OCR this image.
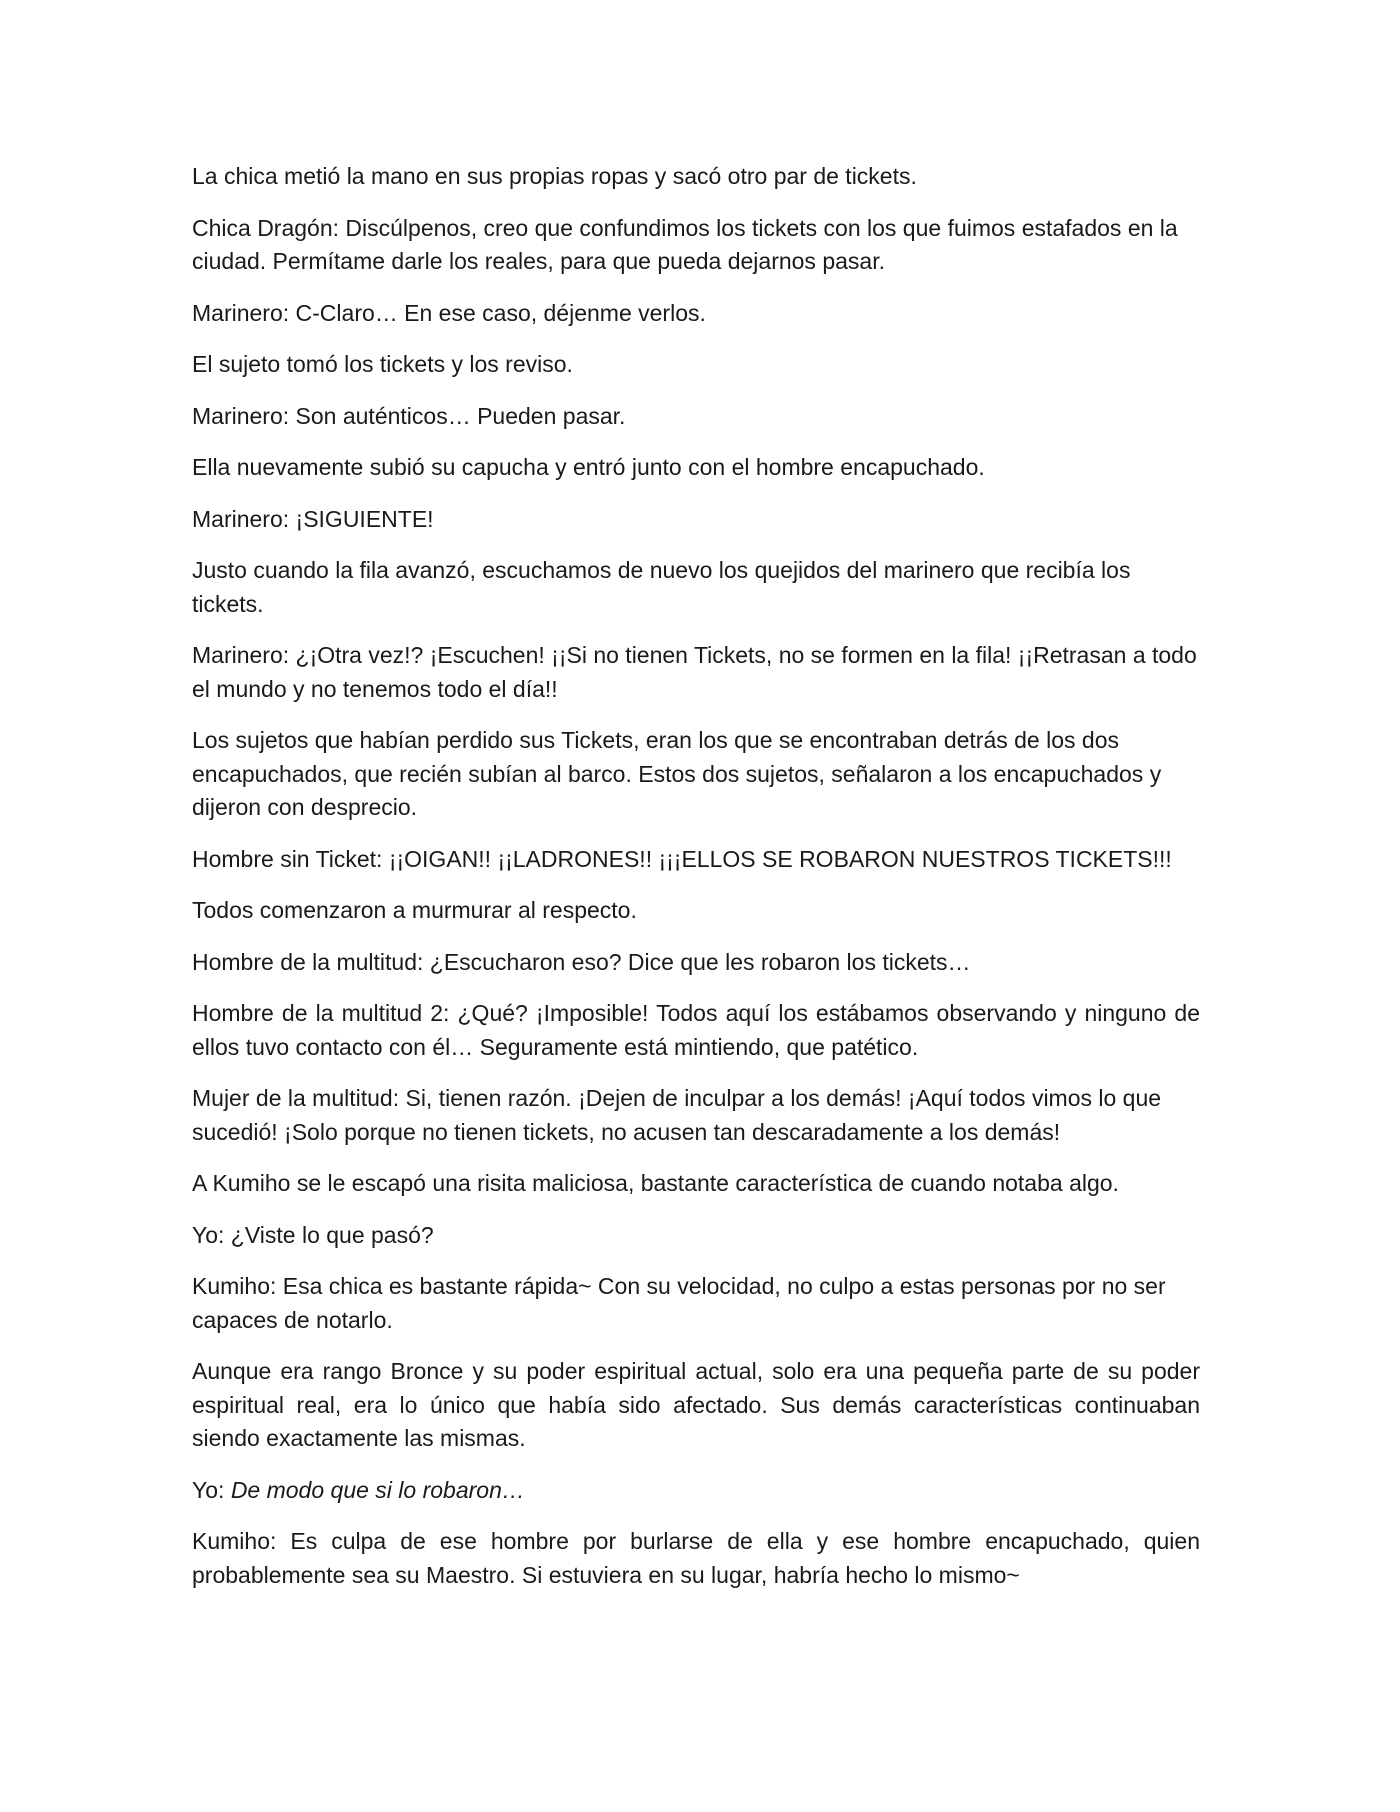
La chica metió la mano en sus propias ropas y sacó otro par de tickets.

Chica Dragón: Discúlpenos, creo que confundimos los tickets con los que fuimos estafados en la ciudad. Permítame darle los reales, para que pueda dejarnos pasar.

Marinero: C-Claro… En ese caso, déjenme verlos.

El sujeto tomó los tickets y los reviso.

Marinero: Son auténticos… Pueden pasar.

Ella nuevamente subió su capucha y entró junto con el hombre encapuchado.

Marinero: ¡SIGUIENTE!

Justo cuando la fila avanzó, escuchamos de nuevo los quejidos del marinero que recibía los tickets.

Marinero: ¿¡Otra vez!? ¡Escuchen! ¡¡Si no tienen Tickets, no se formen en la fila! ¡¡Retrasan a todo el mundo y no tenemos todo el día!!

Los sujetos que habían perdido sus Tickets, eran los que se encontraban detrás de los dos encapuchados, que recién subían al barco. Estos dos sujetos, señalaron a los encapuchados y dijeron con desprecio.

Hombre sin Ticket: ¡¡OIGAN!! ¡¡LADRONES!! ¡¡¡ELLOS SE ROBARON NUESTROS TICKETS!!!

Todos comenzaron a murmurar al respecto.

Hombre de la multitud: ¿Escucharon eso? Dice que les robaron los tickets…

Hombre de la multitud 2: ¿Qué? ¡Imposible! Todos aquí los estábamos observando y ninguno de ellos tuvo contacto con él… Seguramente está mintiendo, que patético.

Mujer de la multitud: Si, tienen razón. ¡Dejen de inculpar a los demás! ¡Aquí todos vimos lo que sucedió! ¡Solo porque no tienen tickets, no acusen tan descaradamente a los demás!

A Kumiho se le escapó una risita maliciosa, bastante característica de cuando notaba algo.

Yo: ¿Viste lo que pasó?

Kumiho: Esa chica es bastante rápida~ Con su velocidad, no culpo a estas personas por no ser capaces de notarlo.

Aunque era rango Bronce y su poder espiritual actual, solo era una pequeña parte de su poder espiritual real, era lo único que había sido afectado. Sus demás características continuaban siendo exactamente las mismas.

Yo: De modo que si lo robaron…

Kumiho: Es culpa de ese hombre por burlarse de ella y ese hombre encapuchado, quien probablemente sea su Maestro. Si estuviera en su lugar, habría hecho lo mismo~
